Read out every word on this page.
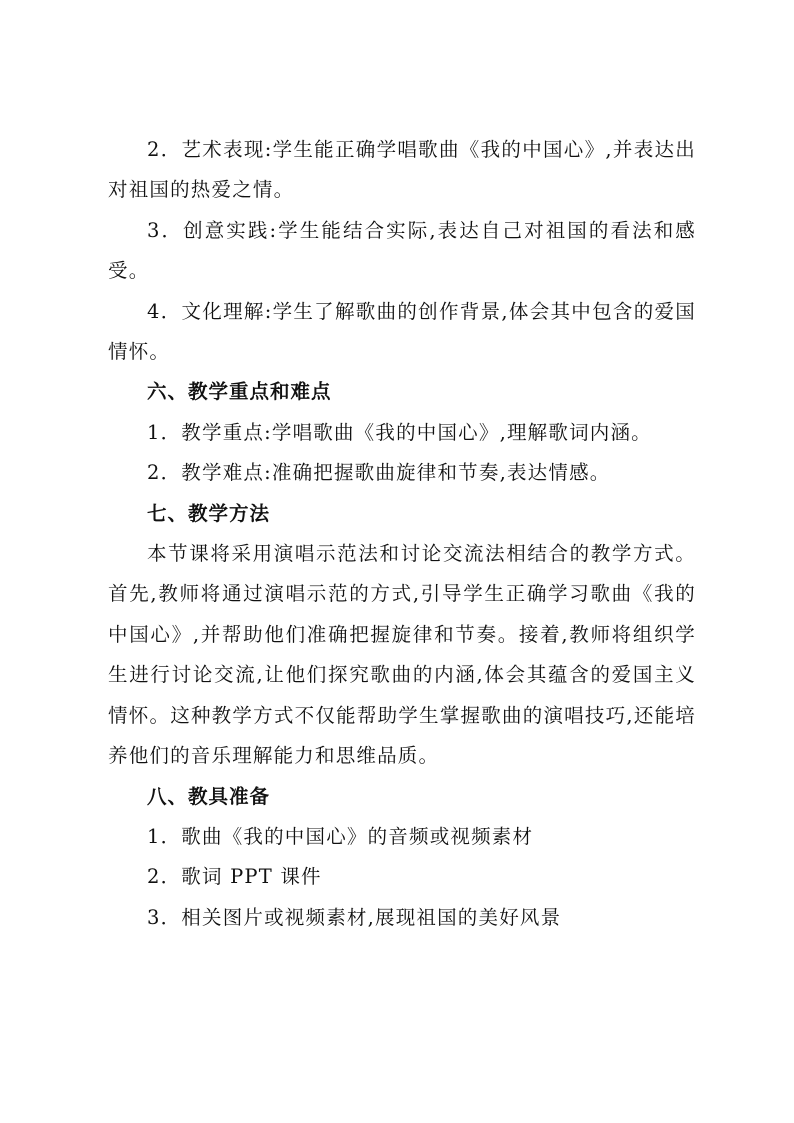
2．艺术表现:学生能正确学唱歌曲《我的中国心》,并表达出对祖国的热爱之情。

3．创意实践:学生能结合实际,表达自己对祖国的看法和感受。

4．文化理解:学生了解歌曲的创作背景,体会其中包含的爱国情怀。

六、教学重点和难点

1．教学重点:学唱歌曲《我的中国心》,理解歌词内涵。

2．教学难点:准确把握歌曲旋律和节奏,表达情感。

七、教学方法

本节课将采用演唱示范法和讨论交流法相结合的教学方式。首先,教师将通过演唱示范的方式,引导学生正确学习歌曲《我的中国心》,并帮助他们准确把握旋律和节奏。接着,教师将组织学生进行讨论交流,让他们探究歌曲的内涵,体会其蕴含的爱国主义情怀。这种教学方式不仅能帮助学生掌握歌曲的演唱技巧,还能培养他们的音乐理解能力和思维品质。

八、教具准备

1．歌曲《我的中国心》的音频或视频素材

2．歌词 PPT 课件

3．相关图片或视频素材,展现祖国的美好风景
